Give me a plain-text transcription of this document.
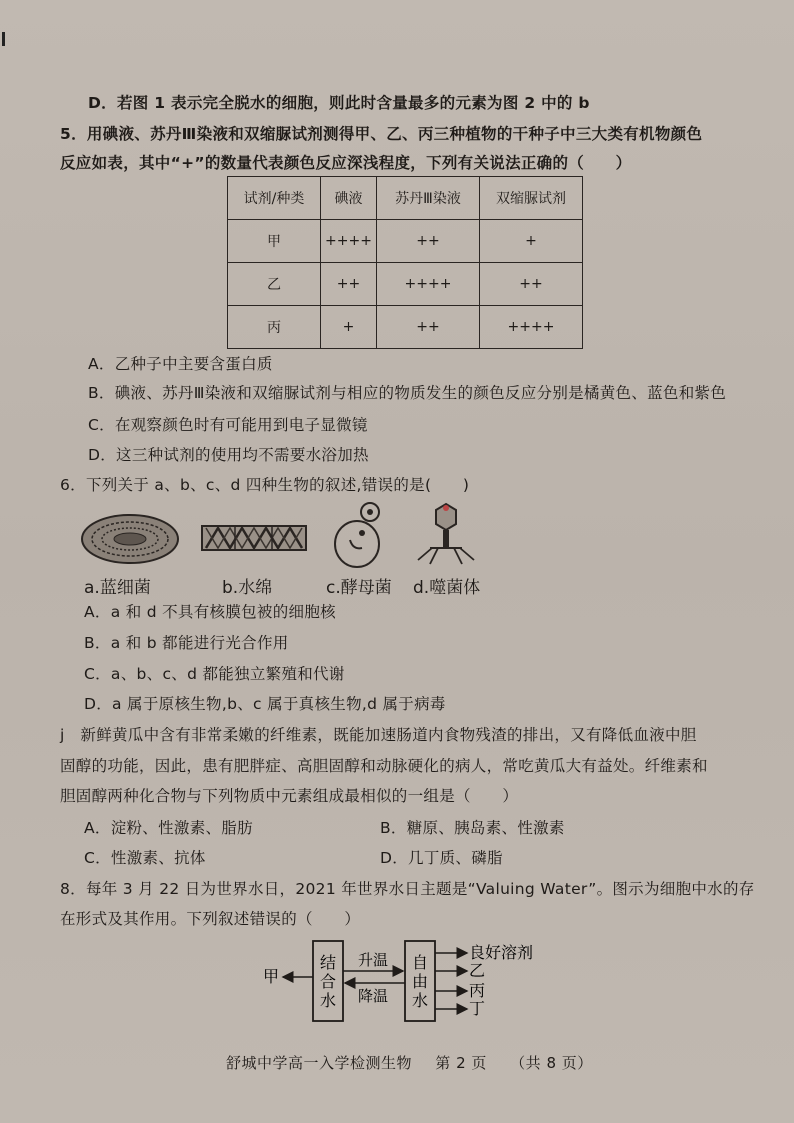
D．若图 1 表示完全脱水的细胞，则此时含量最多的元素为图 2 中的 b
5．用碘液、苏丹Ⅲ染液和双缩脲试剂测得甲、乙、丙三种植物的干种子中三大类有机物颜色
反应如表，其中“+”的数量代表颜色反应深浅程度，下列有关说法正确的（　　）
试剂/种类	碘液	苏丹Ⅲ染液	双缩脲试剂
甲	++++	++	+
乙	++	++++	++
丙	+	++	++++
A．乙种子中主要含蛋白质
B．碘液、苏丹Ⅲ染液和双缩脲试剂与相应的物质发生的颜色反应分别是橘黄色、蓝色和紫色
C．在观察颜色时有可能用到电子显微镜
D．这三种试剂的使用均不需要水浴加热
6．下列关于 a、b、c、d 四种生物的叙述,错误的是(　　)
a.蓝细菌	b.水绵	c.酵母菌 d.噬菌体
A．a 和 d 不具有核膜包被的细胞核
B．a 和 b 都能进行光合作用
C．a、b、c、d 都能独立繁殖和代谢
D．a 属于原核生物,b、c 属于真核生物,d 属于病毒
j　新鲜黄瓜中含有非常柔嫩的纤维素，既能加速肠道内食物残渣的排出，又有降低血液中胆
固醇的功能，因此，患有肥胖症、高胆固醇和动脉硬化的病人，常吃黄瓜大有益处。纤维素和
胆固醇两种化合物与下列物质中元素组成最相似的一组是（　　）
A．淀粉、性激素、脂肪	B．糖原、胰岛素、性激素
C．性激素、抗体	D．几丁质、磷脂
8．每年 3 月 22 日为世界水日，2021 年世界水日主题是“Valuing Water”。图示为细胞中水的存
在形式及其作用。下列叙述错误的（　　）
结
合
水
自
由
水
甲
升温
降温
良好溶剂
乙
丙
丁
舒城中学高一入学检测生物 第 2 页 （共 8 页）
